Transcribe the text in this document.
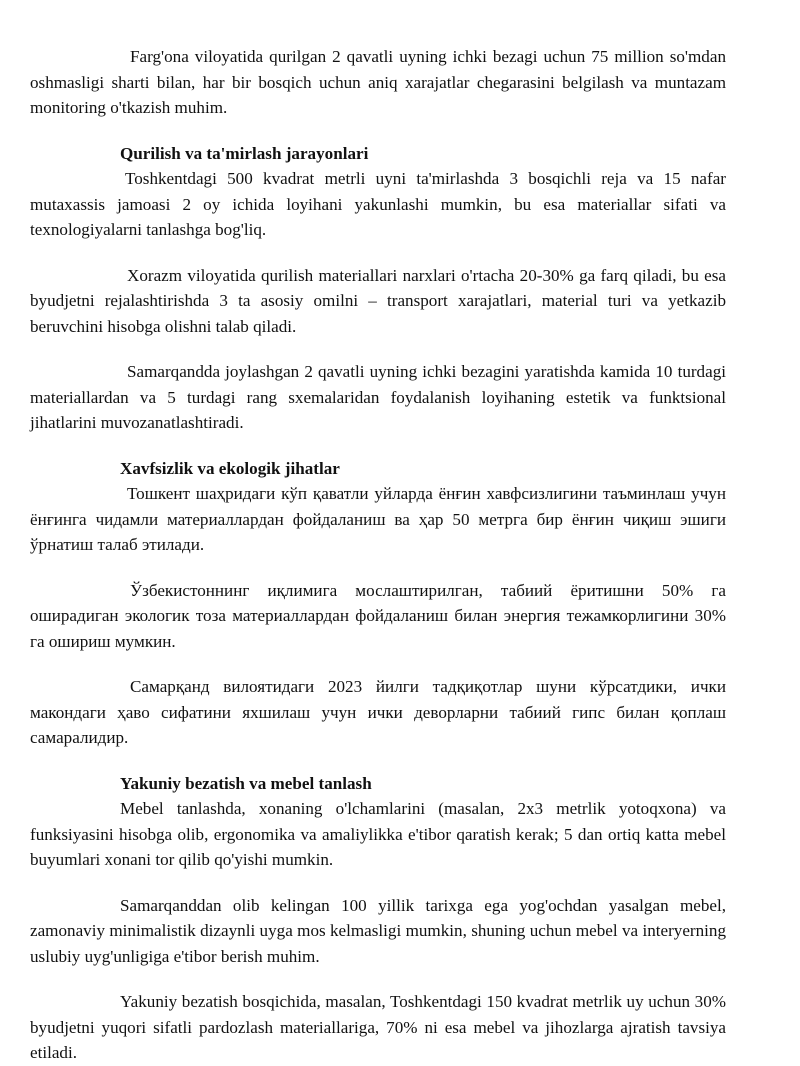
Farg'ona viloyatida qurilgan 2 qavatli uyning ichki bezagi uchun 75 million so'mdan oshmasligi sharti bilan, har bir bosqich uchun aniq xarajatlar chegarasini belgilash va muntazam monitoring o'tkazish muhim.

Qurilish va ta'mirlash jarayonlari

Toshkentdagi 500 kvadrat metrli uyni ta'mirlashda 3 bosqichli reja va 15 nafar mutaxassis jamoasi 2 oy ichida loyihani yakunlashi mumkin, bu esa materiallar sifati va texnologiyalarni tanlashga bog'liq.

Xorazm viloyatida qurilish materiallari narxlari o'rtacha 20-30% ga farq qiladi, bu esa byudjetni rejalashtirishda 3 ta asosiy omilni – transport xarajatlari, material turi va yetkazib beruvchini hisobga olishni talab qiladi.

Samarqandda joylashgan 2 qavatli uyning ichki bezagini yaratishda kamida 10 turdagi materiallardan va 5 turdagi rang sxemalaridan foydalanish loyihaning estetik va funktsional jihatlarini muvozanatlashtiradi.

Xavfsizlik va ekologik jihatlar

Тошкент шаҳридаги кўп қаватли уйларда ёнғин хавфсизлигини таъминлаш учун ёнғинга чидамли материаллардан фойдаланиш ва ҳар 50 метрга бир ёнғин чиқиш эшиги ўрнатиш талаб этилади.

Ўзбекистоннинг иқлимига мослаштирилган, табиий ёритишни 50% га оширадиган экологик тоза материаллардан фойдаланиш билан энергия тежамкорлигини 30% га ошириш мумкин.

Самарқанд вилоятидаги 2023 йилги тадқиқотлар шуни кўрсатдики, ички макондаги ҳаво сифатини яхшилаш учун ички деворларни табиий гипс билан қоплаш самаралидир.

Yakuniy bezatish va mebel tanlash

Mebel tanlashda, xonaning o'lchamlarini (masalan, 2x3 metrlik yotoqxona) va funksiyasini hisobga olib, ergonomika va amaliylikka e'tibor qaratish kerak; 5 dan ortiq katta mebel buyumlari xonani tor qilib qo'yishi mumkin.

Samarqanddan olib kelingan 100 yillik tarixga ega yog'ochdan yasalgan mebel, zamonaviy minimalistik dizaynli uyga mos kelmasligi mumkin, shuning uchun mebel va interyerning uslubiy uyg'unligiga e'tibor berish muhim.

Yakuniy bezatish bosqichida, masalan, Toshkentdagi 150 kvadrat metrlik uy uchun 30% byudjetni yuqori sifatli pardozlash materiallariga, 70% ni esa mebel va jihozlarga ajratish tavsiya etiladi.
